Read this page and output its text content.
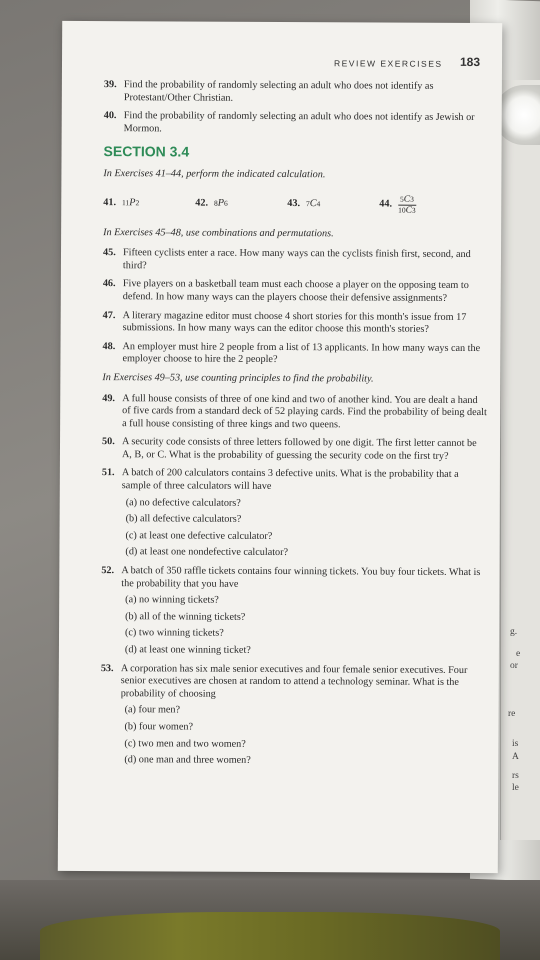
g.
e
or
re
is
A
rs
le
REVIEW EXERCISES 183
39. Find the probability of randomly selecting an adult who does not identify as Protestant/Other Christian.
40. Find the probability of randomly selecting an adult who does not identify as Jewish or Mormon.
SECTION 3.4
In Exercises 41–44, perform the indicated calculation.
41. 11P2	42. 8P6	43. 7C4	44. $\frac{5C3}{10C3}$
In Exercises 45–48, use combinations and permutations.
45. Fifteen cyclists enter a race. How many ways can the cyclists finish first, second, and third?
46. Five players on a basketball team must each choose a player on the opposing team to defend. In how many ways can the players choose their defensive assignments?
47. A literary magazine editor must choose 4 short stories for this month's issue from 17 submissions. In how many ways can the editor choose this month's stories?
48. An employer must hire 2 people from a list of 13 applicants. In how many ways can the employer choose to hire the 2 people?
In Exercises 49–53, use counting principles to find the probability.
49. A full house consists of three of one kind and two of another kind. You are dealt a hand of five cards from a standard deck of 52 playing cards. Find the probability of being dealt a full house consisting of three kings and two queens.
50. A security code consists of three letters followed by one digit. The first letter cannot be A, B, or C. What is the probability of guessing the security code on the first try?
51. A batch of 200 calculators contains 3 defective units. What is the probability that a sample of three calculators will have
(a) no defective calculators?
(b) all defective calculators?
(c) at least one defective calculator?
(d) at least one nondefective calculator?
52. A batch of 350 raffle tickets contains four winning tickets. You buy four tickets. What is the probability that you have
(a) no winning tickets?
(b) all of the winning tickets?
(c) two winning tickets?
(d) at least one winning ticket?
53. A corporation has six male senior executives and four female senior executives. Four senior executives are chosen at random to attend a technology seminar. What is the probability of choosing
(a) four men?
(b) four women?
(c) two men and two women?
(d) one man and three women?
